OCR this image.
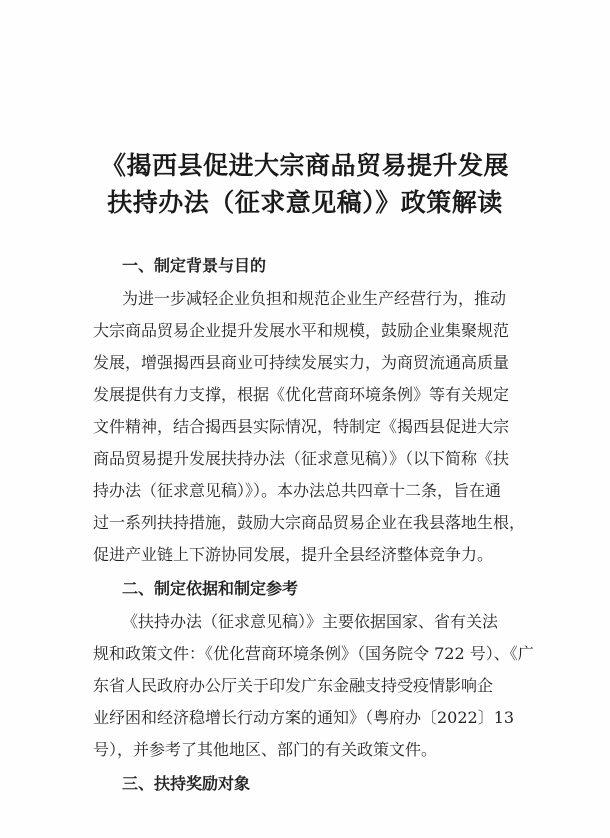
《揭西县促进大宗商品贸易提升发展
扶持办法（征求意见稿）》政策解读
一、制定背景与目的
为进一步减轻企业负担和规范企业生产经营行为，推动
大宗商品贸易企业提升发展水平和规模，鼓励企业集聚规范
发展，增强揭西县商业可持续发展实力，为商贸流通高质量
发展提供有力支撑，根据《优化营商环境条例》等有关规定
文件精神，结合揭西县实际情况，特制定《揭西县促进大宗
商品贸易提升发展扶持办法（征求意见稿）》（以下简称《扶
持办法（征求意见稿）》）。本办法总共四章十二条，旨在通
过一系列扶持措施，鼓励大宗商品贸易企业在我县落地生根，
促进产业链上下游协同发展，提升全县经济整体竞争力。
二、制定依据和制定参考
《扶持办法（征求意见稿）》主要依据国家、省有关法
规和政策文件：《优化营商环境条例》（国务院令 722 号）、《广
东省人民政府办公厅关于印发广东金融支持受疫情影响企
业纾困和经济稳增长行动方案的通知》（粤府办〔2022〕13
号），并参考了其他地区、部门的有关政策文件。
三、扶持奖励对象
